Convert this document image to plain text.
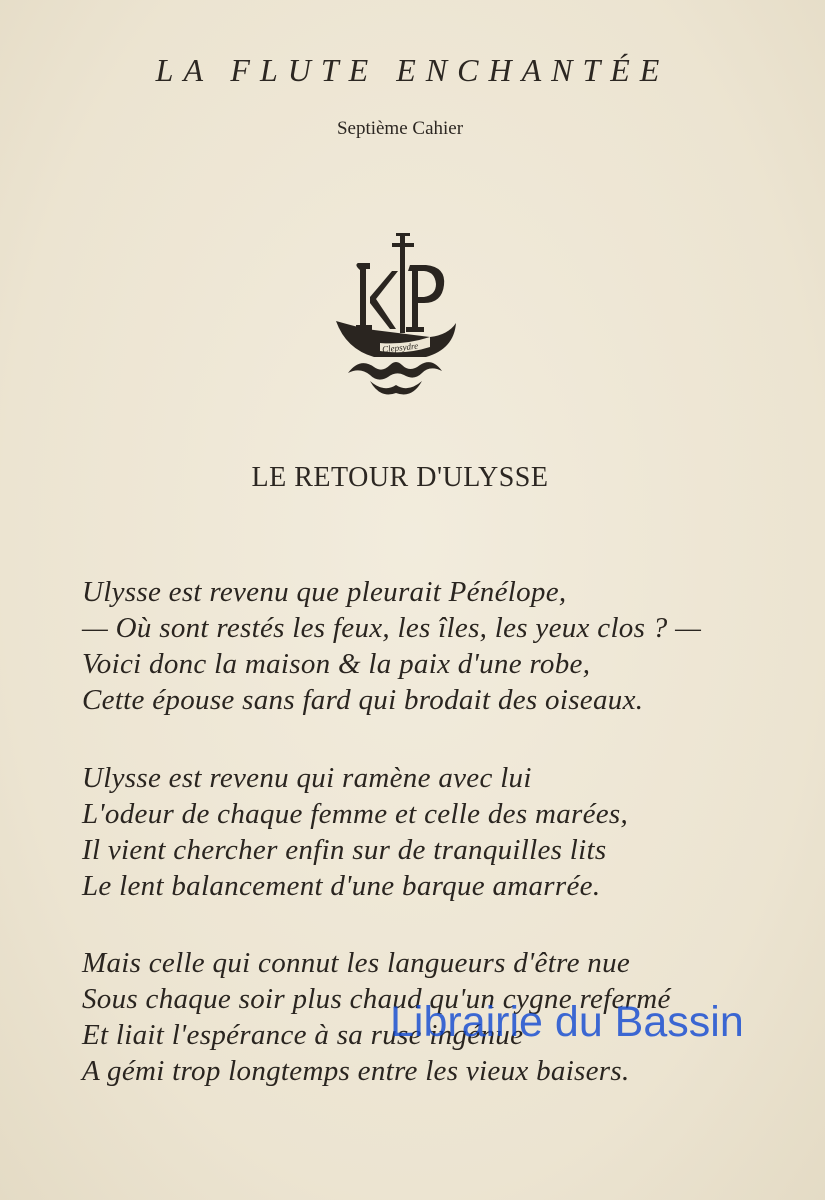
LA FLUTE ENCHANTÉE
Septième Cahier
Clepsydre
LE RETOUR D'ULYSSE
Ulysse est revenu que pleurait Pénélope,
— Où sont restés les feux, les îles, les yeux clos ? —
Voici donc la maison & la paix d'une robe,
Cette épouse sans fard qui brodait des oiseaux.
Ulysse est revenu qui ramène avec lui
L'odeur de chaque femme et celle des marées,
Il vient chercher enfin sur de tranquilles lits
Le lent balancement d'une barque amarrée.
Mais celle qui connut les langueurs d'être nue
Sous chaque soir plus chaud qu'un cygne refermé
Et liait l'espérance à sa ruse ingénue
A gémi trop longtemps entre les vieux baisers.
Librairie du Bassin
